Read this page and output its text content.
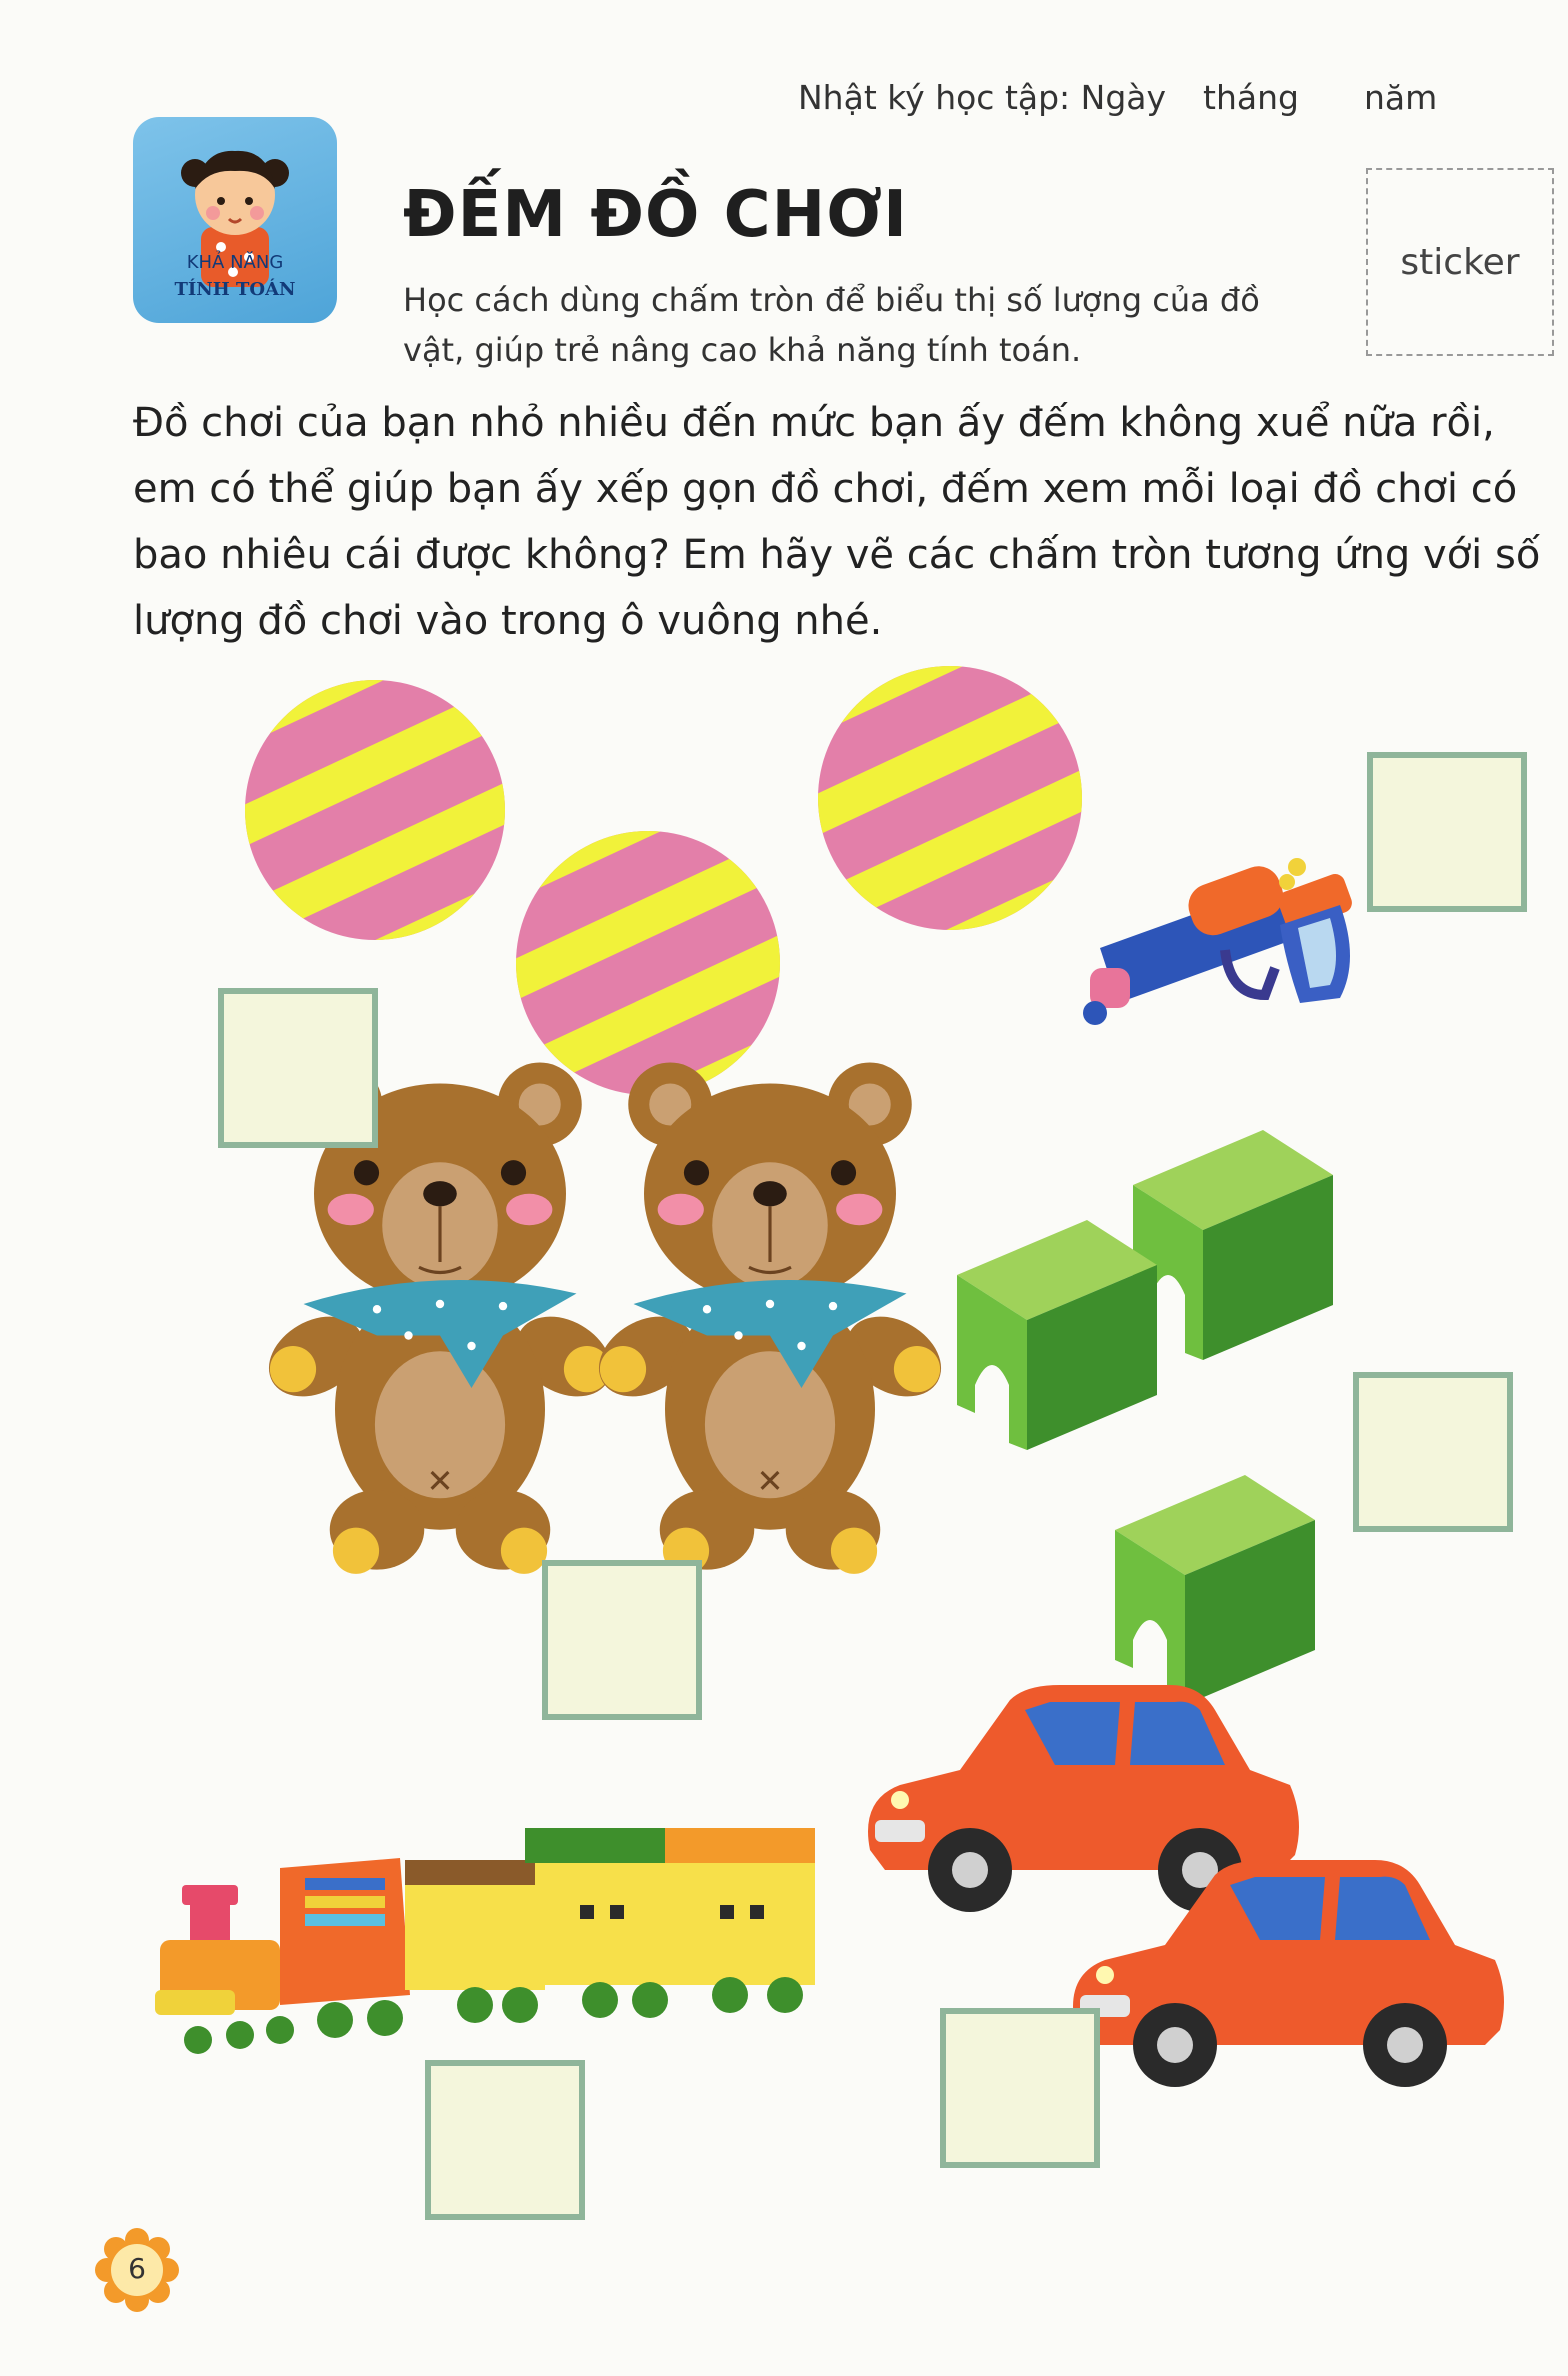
Nhật ký học tập: Ngày tháng năm
KHẢ NĂNG
TÍNH TOÁN
ĐẾM ĐỒ CHƠI
Học cách dùng chấm tròn để biểu thị số lượng của đồ vật, giúp trẻ nâng cao khả năng tính toán.
sticker
Đồ chơi của bạn nhỏ nhiều đến mức bạn ấy đếm không xuể nữa rồi, em có thể giúp bạn ấy xếp gọn đồ chơi, đếm xem mỗi loại đồ chơi có bao nhiêu cái được không? Em hãy vẽ các chấm tròn tương ứng với số lượng đồ chơi vào trong ô vuông nhé.
6
